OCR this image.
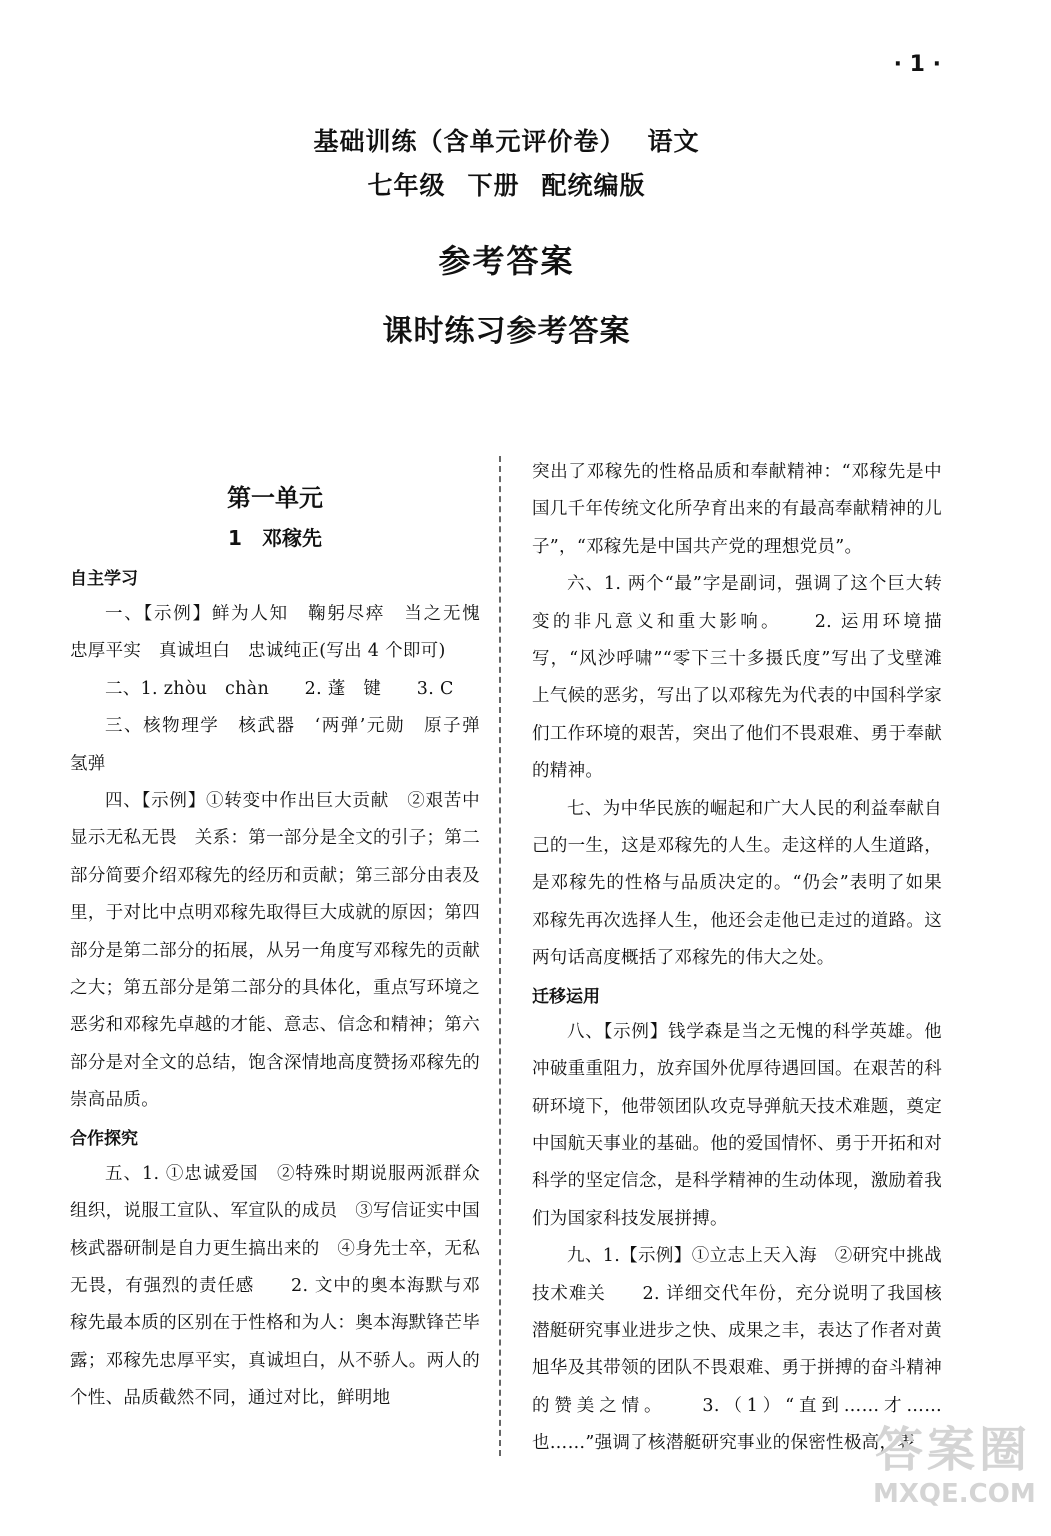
· 1 ·
基础训练（含单元评价卷） 语文
七年级 下册 配统编版
参考答案
课时练习参考答案
第一单元
1　邓稼先
自主学习

一、【示例】鲜为人知　鞠躬尽瘁　当之无愧　忠厚平实　真诚坦白　忠诚纯正(写出 4 个即可)

二、1. zhòu　chàn　　2. 蓬　键　　3. C

三、核物理学　核武器　‘两弹’元勋　原子弹　氢弹

四、【示例】①转变中作出巨大贡献　②艰苦中显示无私无畏　关系：第一部分是全文的引子；第二部分简要介绍邓稼先的经历和贡献；第三部分由表及里，于对比中点明邓稼先取得巨大成就的原因；第四部分是第二部分的拓展，从另一角度写邓稼先的贡献之大；第五部分是第二部分的具体化，重点写环境之恶劣和邓稼先卓越的才能、意志、信念和精神；第六部分是对全文的总结，饱含深情地高度赞扬邓稼先的崇高品质。

合作探究

五、1. ①忠诚爱国　②特殊时期说服两派群众组织，说服工宣队、军宣队的成员　③写信证实中国核武器研制是自力更生搞出来的　④身先士卒，无私无畏，有强烈的责任感　　2. 文中的奥本海默与邓稼先最本质的区别在于性格和为人：奥本海默锋芒毕露；邓稼先忠厚平实，真诚坦白，从不骄人。两人的个性、品质截然不同，通过对比，鲜明地

突出了邓稼先的性格品质和奉献精神：“邓稼先是中国几千年传统文化所孕育出来的有最高奉献精神的儿子”，“邓稼先是中国共产党的理想党员”。

六、1. 两个“最”字是副词，强调了这个巨大转变的非凡意义和重大影响。　　2. 运用环境描写，“风沙呼啸”“零下三十多摄氏度”写出了戈壁滩上气候的恶劣，写出了以邓稼先为代表的中国科学家们工作环境的艰苦，突出了他们不畏艰难、勇于奉献的精神。

七、为中华民族的崛起和广大人民的利益奉献自己的一生，这是邓稼先的人生。走这样的人生道路，是邓稼先的性格与品质决定的。“仍会”表明了如果邓稼先再次选择人生，他还会走他已走过的道路。这两句话高度概括了邓稼先的伟大之处。

迁移运用

八、【示例】钱学森是当之无愧的科学英雄。他冲破重重阻力，放弃国外优厚待遇回国。在艰苦的科研环境下，他带领团队攻克导弹航天技术难题，奠定中国航天事业的基础。他的爱国情怀、勇于开拓和对科学的坚定信念，是科学精神的生动体现，激励着我们为国家科技发展拼搏。

九、1.【示例】①立志上天入海　②研究中挑战技术难关　　2. 详细交代年份，充分说明了我国核潜艇研究事业进步之快、成果之丰，表达了作者对黄旭华及其带领的团队不畏艰难、勇于拼搏的奋斗精神的赞美之情。　　3.（1）“直到……才……也……”强调了核潜艇研究事业的保密性极高，表

答案圈
MXQE.COM
